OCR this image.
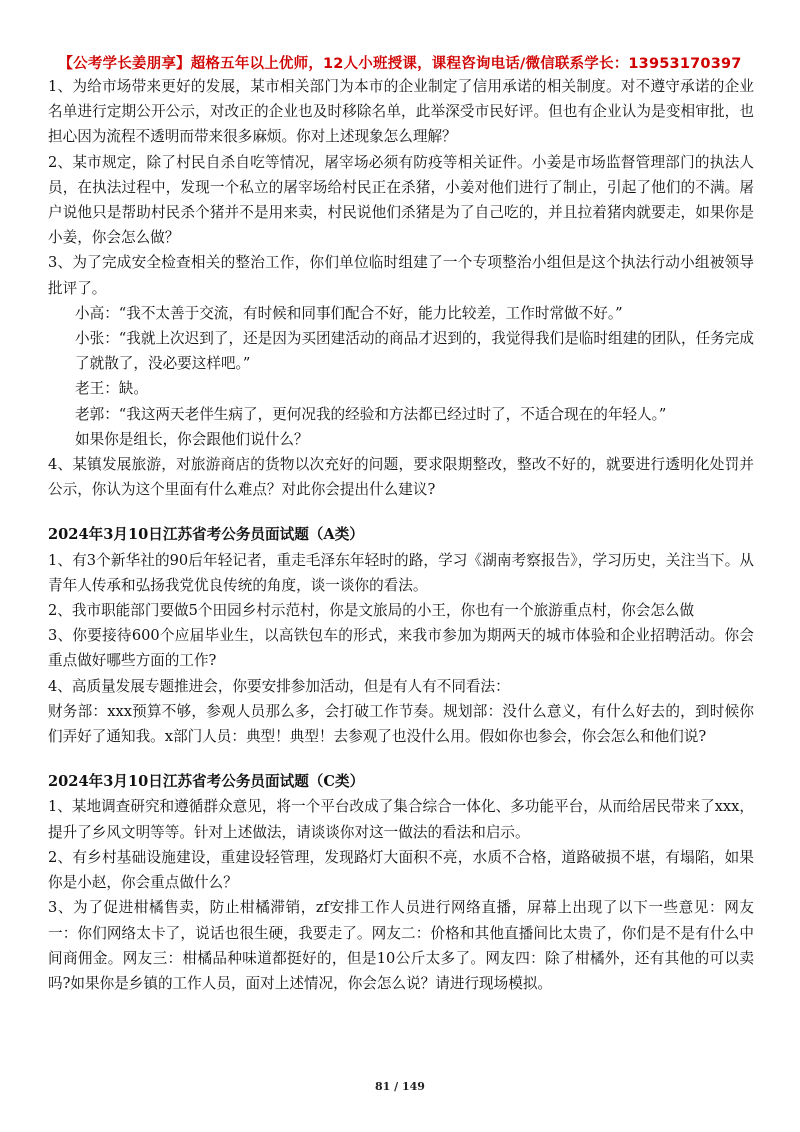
【公考学长姜朋享】超格五年以上优师，12人小班授课，课程咨询电话/微信联系学长：13953170397

1、为给市场带来更好的发展，某市相关部门为本市的企业制定了信用承诺的相关制度。对不遵守承诺的企业名单进行定期公开公示，对改正的企业也及时移除名单，此举深受市民好评。但也有企业认为是变相审批，也担心因为流程不透明而带来很多麻烦。你对上述现象怎么理解？

2、某市规定，除了村民自杀自吃等情况，屠宰场必须有防疫等相关证件。小姜是市场监督管理部门的执法人员，在执法过程中，发现一个私立的屠宰场给村民正在杀猪，小姜对他们进行了制止，引起了他们的不满。屠户说他只是帮助村民杀个猪并不是用来卖，村民说他们杀猪是为了自己吃的，并且拉着猪肉就要走，如果你是小姜，你会怎么做？

3、为了完成安全检查相关的整治工作，你们单位临时组建了一个专项整治小组但是这个执法行动小组被领导批评了。

小高：“我不太善于交流，有时候和同事们配合不好，能力比较差，工作时常做不好。”

小张：“我就上次迟到了，还是因为买团建活动的商品才迟到的，我觉得我们是临时组建的团队，任务完成了就散了，没必要这样吧。”

老王：缺。

老郭：“我这两天老伴生病了，更何况我的经验和方法都已经过时了，不适合现在的年轻人。”

如果你是组长，你会跟他们说什么？

4、某镇发展旅游，对旅游商店的货物以次充好的问题，要求限期整改，整改不好的，就要进行透明化处罚并公示，你认为这个里面有什么难点？对此你会提出什么建议?

2024年3月10日江苏省考公务员面试题（A类）

1、有3个新华社的90后年轻记者，重走毛泽东年轻时的路，学习《湖南考察报告》，学习历史，关注当下。从青年人传承和弘扬我党优良传统的角度，谈一谈你的看法。

2、我市职能部门要做5个田园乡村示范村，你是文旅局的小王，你也有一个旅游重点村，你会怎么做

3、你要接待600个应届毕业生，以高铁包车的形式，来我市参加为期两天的城市体验和企业招聘活动。你会重点做好哪些方面的工作?

4、高质量发展专题推进会，你要安排参加活动，但是有人有不同看法：

财务部：xxx预算不够，参观人员那么多，会打破工作节奏。规划部：没什么意义，有什么好去的，到时候你们弄好了通知我。x部门人员：典型！典型！去参观了也没什么用。假如你也参会，你会怎么和他们说?

2024年3月10日江苏省考公务员面试题（C类）

1、某地调查研究和遵循群众意见，将一个平台改成了集合综合一体化、多功能平台，从而给居民带来了xxx，提升了乡风文明等等。针对上述做法，请谈谈你对这一做法的看法和启示。

2、有乡村基础设施建设，重建设轻管理，发现路灯大面积不亮，水质不合格，道路破损不堪，有塌陷，如果你是小赵，你会重点做什么？

3、为了促进柑橘售卖，防止柑橘滞销，zf安排工作人员进行网络直播，屏幕上出现了以下一些意见：网友一：你们网络太卡了，说话也很生硬，我要走了。网友二：价格和其他直播间比太贵了，你们是不是有什么中间商佣金。网友三：柑橘品种味道都挺好的，但是10公斤太多了。网友四：除了柑橘外，还有其他的可以卖吗?如果你是乡镇的工作人员，面对上述情况，你会怎么说？请进行现场模拟。

81 / 149
